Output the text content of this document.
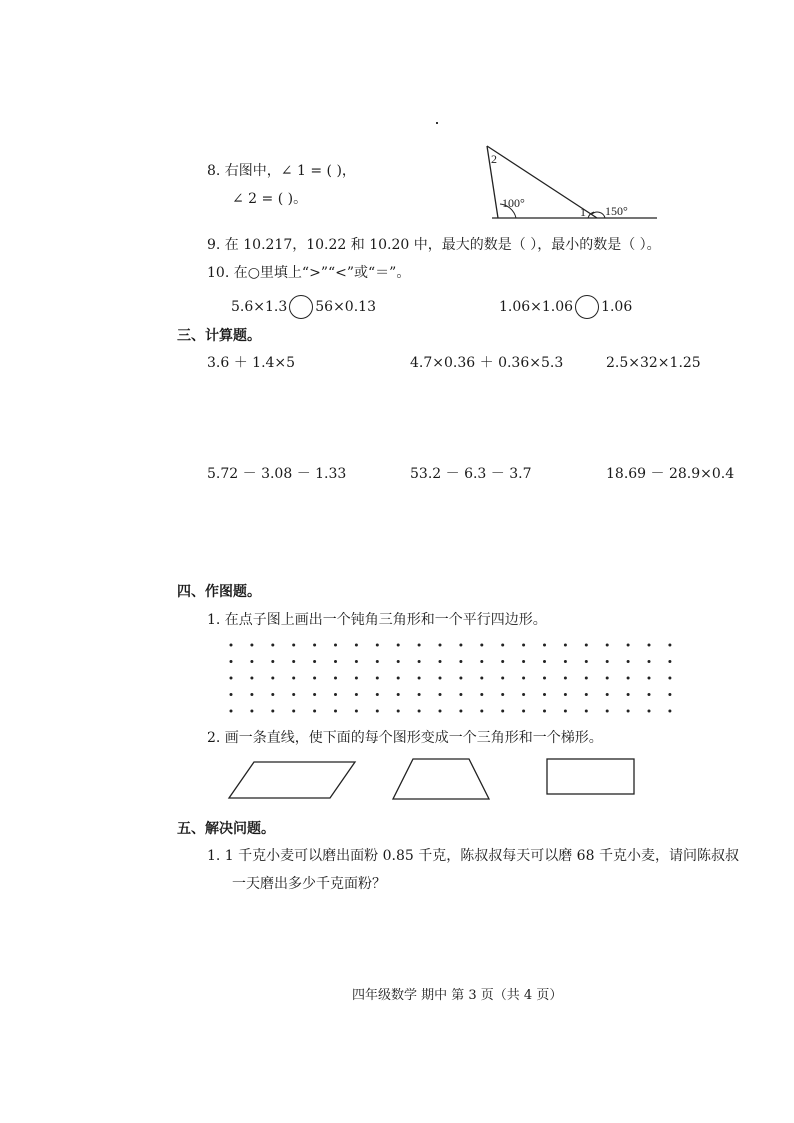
8. 右图中，∠ 1 = ( )，
∠ 2 = ( )。
2
100°
1 150°
9. 在 10.217，10.22 和 10.20 中，最大的数是（ ），最小的数是（ ）。
10. 在○里填上“>”“<”或“＝”。
5.6×1.3 56×0.13	1.06×1.06 1.06
三、计算题。
3.6 ＋ 1.4×5	4.7×0.36 ＋ 0.36×5.3	2.5×32×1.25
5.72 － 3.08 － 1.33	53.2 － 6.3 － 3.7	18.69 － 28.9×0.4
四、作图题。
1. 在点子图上画出一个钝角三角形和一个平行四边形。
2. 画一条直线，使下面的每个图形变成一个三角形和一个梯形。
五、解决问题。
1. 1 千克小麦可以磨出面粉 0.85 千克，陈叔叔每天可以磨 68 千克小麦，请问陈叔叔
一天磨出多少千克面粉？
四年级数学 期中 第 3 页（共 4 页）
